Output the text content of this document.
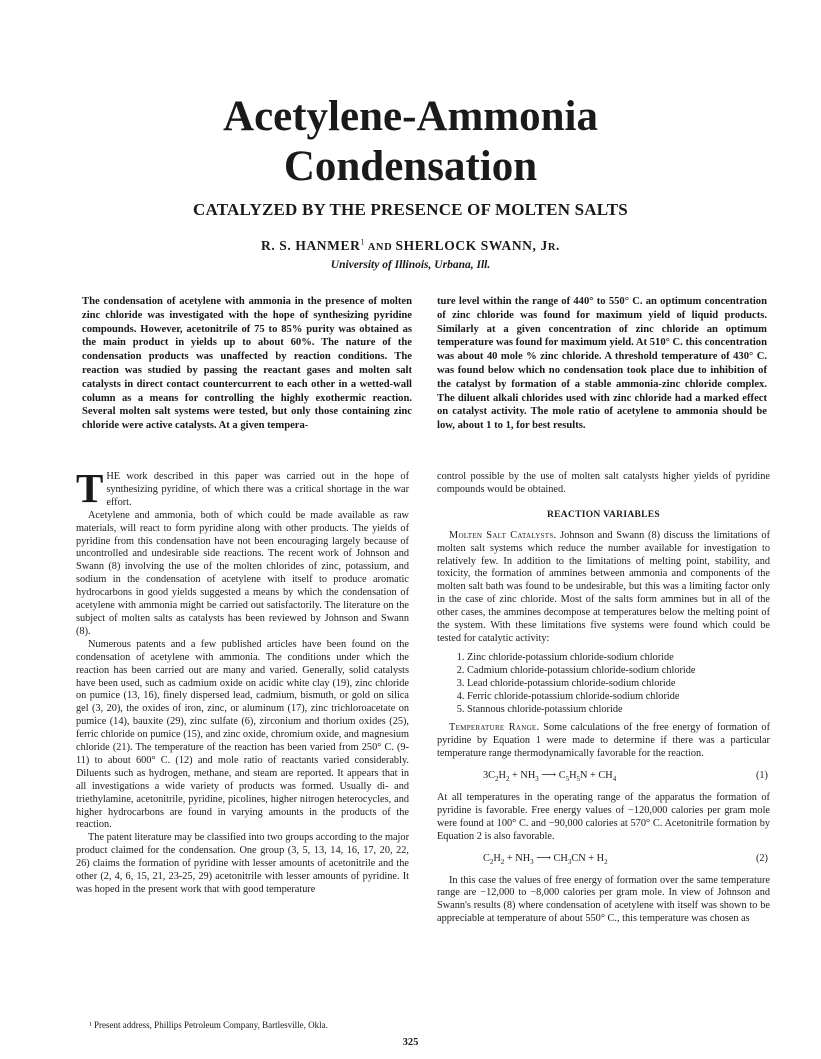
Acetylene-Ammonia
Condensation
CATALYZED BY THE PRESENCE OF MOLTEN SALTS
R. S. HANMER$^1$ AND SHERLOCK SWANN, JR.
University of Illinois, Urbana, Ill.

The condensation of acetylene with ammonia in the presence of molten zinc chloride was investigated with the hope of synthesizing pyridine compounds. However, acetonitrile of 75 to 85% purity was obtained as the main product in yields up to about 60%. The nature of the condensation products was unaffected by reaction conditions. The reaction was studied by passing the reactant gases and molten salt catalysts in direct contact countercurrent to each other in a wetted-wall column as a means for controlling the highly exothermic reaction. Several molten salt systems were tested, but only those containing zinc chloride were active catalysts. At a given tempera-

ture level within the range of 440° to 550° C. an optimum concentration of zinc chloride was found for maximum yield of liquid products. Similarly at a given concentration of zinc chloride an optimum temperature was found for maximum yield. At 510° C. this concentration was about 40 mole % zinc chloride. A threshold temperature of 430° C. was found below which no condensation took place due to inhibition of the catalyst by formation of a stable ammonia-zinc chloride complex. The diluent alkali chlorides used with zinc chloride had a marked effect on catalyst activity. The mole ratio of acetylene to ammonia should be low, about 1 to 1, for best results.

THE work described in this paper was carried out in the hope of synthesizing pyridine, of which there was a critical shortage in the war effort.

Acetylene and ammonia, both of which could be made available as raw materials, will react to form pyridine along with other products. The yields of pyridine from this condensation have not been encouraging largely because of uncontrolled and undesirable side reactions. The recent work of Johnson and Swann (8) involving the use of the molten chlorides of zinc, potassium, and sodium in the condensation of acetylene with itself to produce aromatic hydrocarbons in good yields suggested a means by which the condensation of acetylene with ammonia might be carried out satisfactorily. The literature on the subject of molten salts as catalysts has been reviewed by Johnson and Swann (8).

Numerous patents and a few published articles have been found on the condensation of acetylene with ammonia. The conditions under which the reaction has been carried out are many and varied. Generally, solid catalysts have been used, such as cadmium oxide on acidic white clay (19), zinc chloride on pumice (13, 16), finely dispersed lead, cadmium, bismuth, or gold on silica gel (3, 20), the oxides of iron, zinc, or aluminum (17), zinc trichloroacetate on pumice (14), bauxite (29), zinc sulfate (6), zirconium and thorium oxides (25), ferric chloride on pumice (15), and zinc oxide, chromium oxide, and magnesium chloride (21). The temperature of the reaction has been varied from 250° C. (9-11) to about 600° C. (12) and mole ratio of reactants varied considerably. Diluents such as hydrogen, methane, and steam are reported. It appears that in all investigations a wide variety of products was formed. Usually di- and triethylamine, acetonitrile, pyridine, picolines, higher nitrogen heterocycles, and higher hydrocarbons are found in varying amounts in the products of the reaction.

The patent literature may be classified into two groups according to the major product claimed for the condensation. One group (3, 5, 13, 14, 16, 17, 20, 22, 26) claims the formation of pyridine with lesser amounts of acetonitrile and the other (2, 4, 6, 15, 21, 23-25, 29) acetonitrile with lesser amounts of pyridine. It was hoped in the present work that with good temperature

control possible by the use of molten salt catalysts higher yields of pyridine compounds would be obtained.

REACTION VARIABLES

Molten Salt Catalysts. Johnson and Swann (8) discuss the limitations of molten salt systems which reduce the number available for investigation to relatively few. In addition to the limitations of melting point, stability, and toxicity, the formation of ammines between ammonia and components of the molten salt bath was found to be undesirable, but this was a limiting factor only in the case of zinc chloride. Most of the salts form ammines but in all of the other cases, the ammines decompose at temperatures below the melting point of the system. With these limitations five systems were found which could be tested for catalytic activity:

1. Zinc chloride-potassium chloride-sodium chloride
2. Cadmium chloride-potassium chloride-sodium chloride
3. Lead chloride-potassium chloride-sodium chloride
4. Ferric chloride-potassium chloride-sodium chloride
5. Stannous chloride-potassium chloride

Temperature Range. Some calculations of the free energy of formation of pyridine by Equation 1 were made to determine if there was a particular temperature range thermodynamically favorable for the reaction.

$3C_2H_2 + NH_3$ ⟶ $C_5H_5N + CH_4$	(1)

At all temperatures in the operating range of the apparatus the formation of pyridine is favorable. Free energy values of −120,000 calories per gram mole were found at 100° C. and −90,000 calories at 570° C. Acetonitrile formation by Equation 2 is also favorable.

$C_2H_2 + NH_3$ ⟶ $CH_3CN + H_2$	(2)

In this case the values of free energy of formation over the same temperature range are −12,000 to −8,000 calories per gram mole. In view of Johnson and Swann's results (8) where condensation of acetylene with itself was shown to be appreciable at temperature of about 550° C., this temperature was chosen as

¹ Present address, Phillips Petroleum Company, Bartlesville, Okla.
325
